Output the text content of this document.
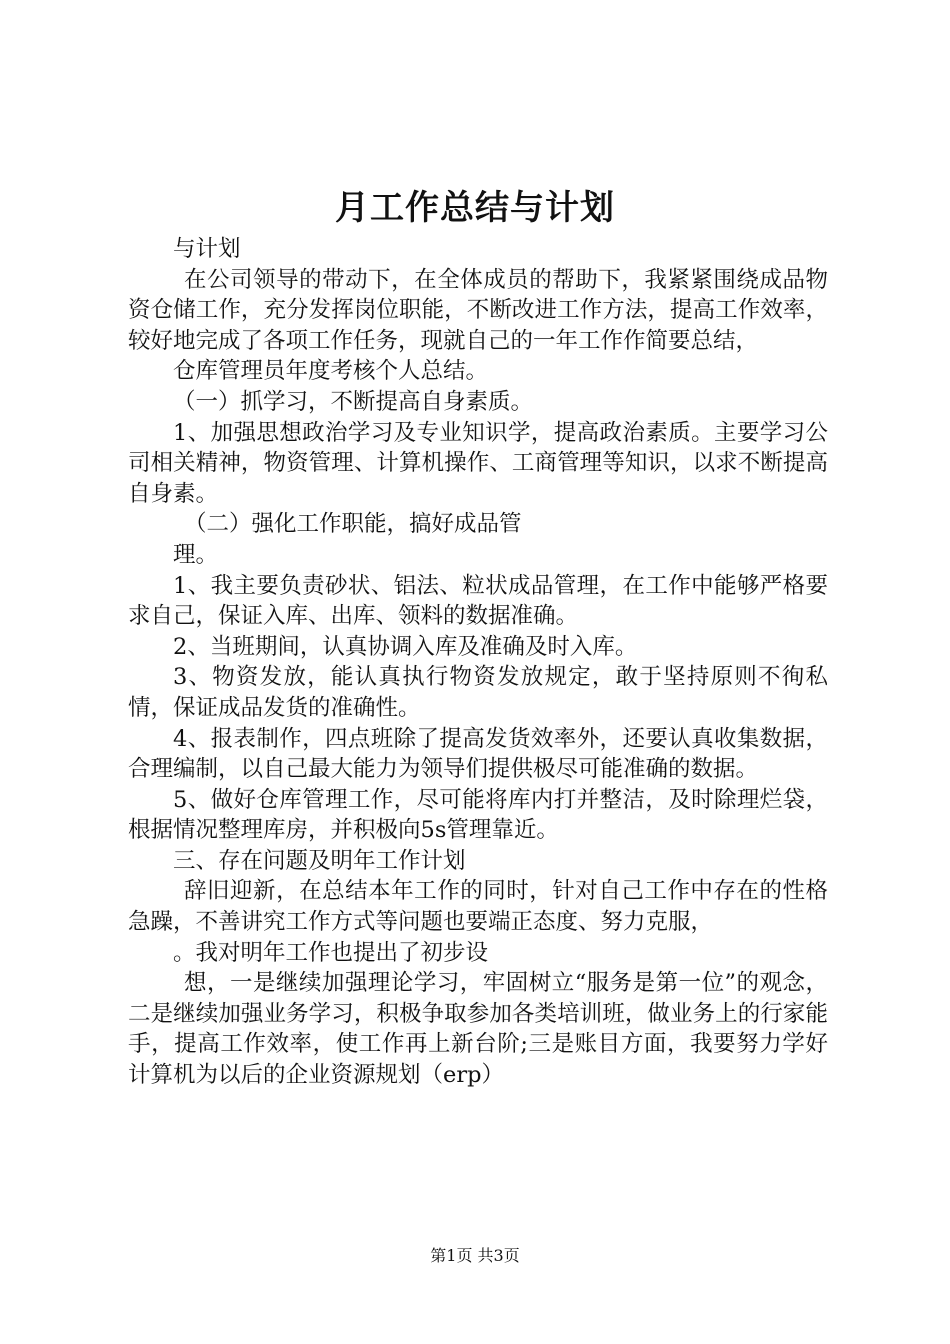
月工作总结与计划

与计划

在公司领导的带动下，在全体成员的帮助下，我紧紧围绕成品物资仓储工作，充分发挥岗位职能，不断改进工作方法，提高工作效率，较好地完成了各项工作任务，现就自己的一年工作作简要总结，

仓库管理员年度考核个人总结。

（一）抓学习，不断提高自身素质。

1、加强思想政治学习及专业知识学，提高政治素质。主要学习公司相关精神，物资管理、计算机操作、工商管理等知识，以求不断提高自身素。

（二）强化工作职能，搞好成品管

理。

1、我主要负责砂状、铝法、粒状成品管理，在工作中能够严格要求自己，保证入库、出库、领料的数据准确。

2、当班期间，认真协调入库及准确及时入库。

3、物资发放，能认真执行物资发放规定，敢于坚持原则不徇私情，保证成品发货的准确性。

4、报表制作，四点班除了提高发货效率外，还要认真收集数据，合理编制，以自己最大能力为领导们提供极尽可能准确的数据。

5、做好仓库管理工作，尽可能将库内打并整洁，及时除理烂袋，根据情况整理库房，并积极向5s管理靠近。

三、存在问题及明年工作计划

辞旧迎新，在总结本年工作的同时，针对自己工作中存在的性格急躁，不善讲究工作方式等问题也要端正态度、努力克服，

。我对明年工作也提出了初步设

想，一是继续加强理论学习，牢固树立“服务是第一位”的观念，二是继续加强业务学习，积极争取参加各类培训班，做业务上的行家能手，提高工作效率，使工作再上新台阶;三是账目方面，我要努力学好计算机为以后的企业资源规划（erp）

第1页 共3页
